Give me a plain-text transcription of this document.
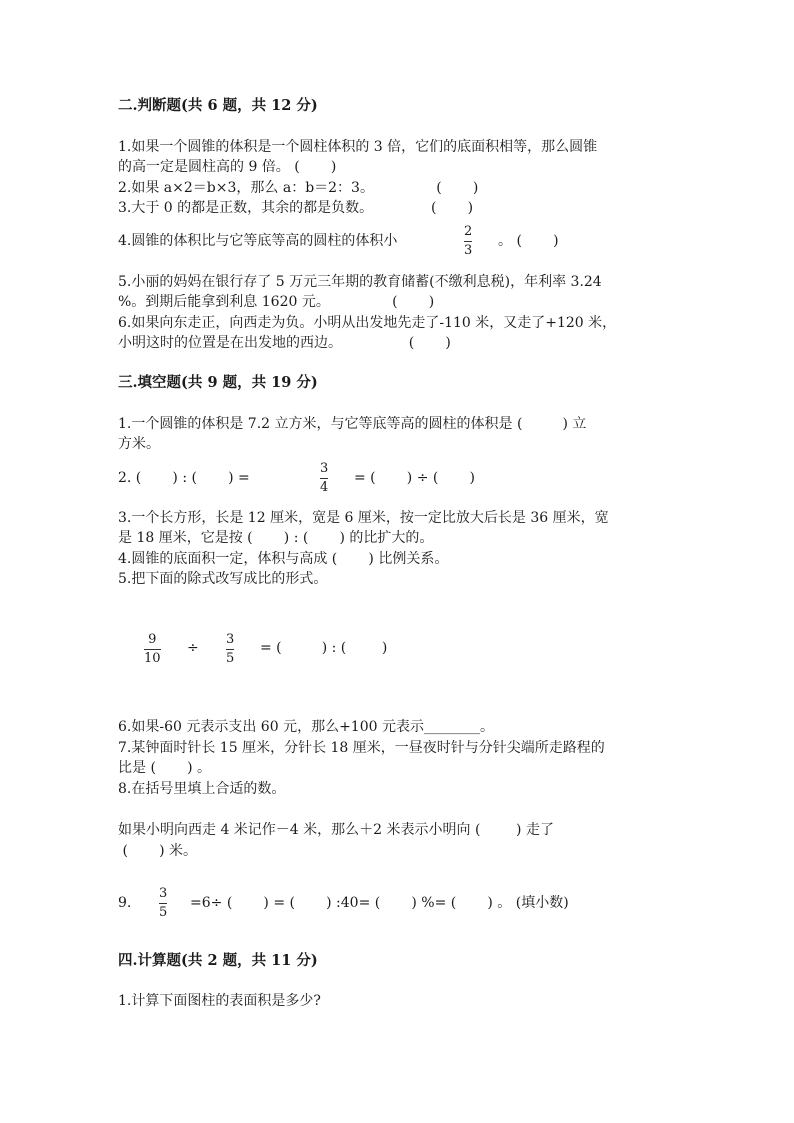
二.判断题(共 6 题，共 12 分)
1.如果一个圆锥的体积是一个圆柱体积的 3 倍，它们的底面积相等，那么圆锥
的高一定是圆柱高的 9 倍。 (       )
2.如果 a×2＝b×3，那么 a：b＝2：3。              (       )
3.大于 0 的都是正数，其余的都是负数。             (       )
4.圆锥的体积比与它等底等高的圆柱的体积小
2
3
。 (       )
5.小丽的妈妈在银行存了 5 万元三年期的教育储蓄(不缴利息税)，年利率 3.24
%。到期后能拿到利息 1620 元。              (       )
6.如果向东走正，向西走为负。小明从出发地先走了-110 米，又走了+120 米，
小明这时的位置是在出发地的西边。               (       )
三.填空题(共 9 题，共 19 分)
1.一个圆锥的体积是 7.2 立方米，与它等底等高的圆柱的体积是 (         ) 立
方米。
2. (       ) : (       ) =
3
4
= (       ) ÷ (       )
3.一个长方形，长是 12 厘米，宽是 6 厘米，按一定比放大后长是 36 厘米，宽
是 18 厘米，它是按 (       ) : (       ) 的比扩大的。
4.圆锥的底面积一定，体积与高成 (       ) 比例关系。
5.把下面的除式改写成比的形式。
9
10
÷
3
5
= (         ) : (        )
6.如果-60 元表示支出 60 元，那么+100 元表示________。
7.某钟面时针长 15 厘米，分针长 18 厘米，一昼夜时针与分针尖端所走路程的
比是 (       ) 。
8.在括号里填上合适的数。
如果小明向西走 4 米记作－4 米，那么＋2 米表示小明向 (        ) 走了
(       ) 米。
9.
3
5
=6÷ (       ) = (       ) :40= (       ) %= (       ) 。 (填小数)
四.计算题(共 2 题，共 11 分)
1.计算下面图柱的表面积是多少?
